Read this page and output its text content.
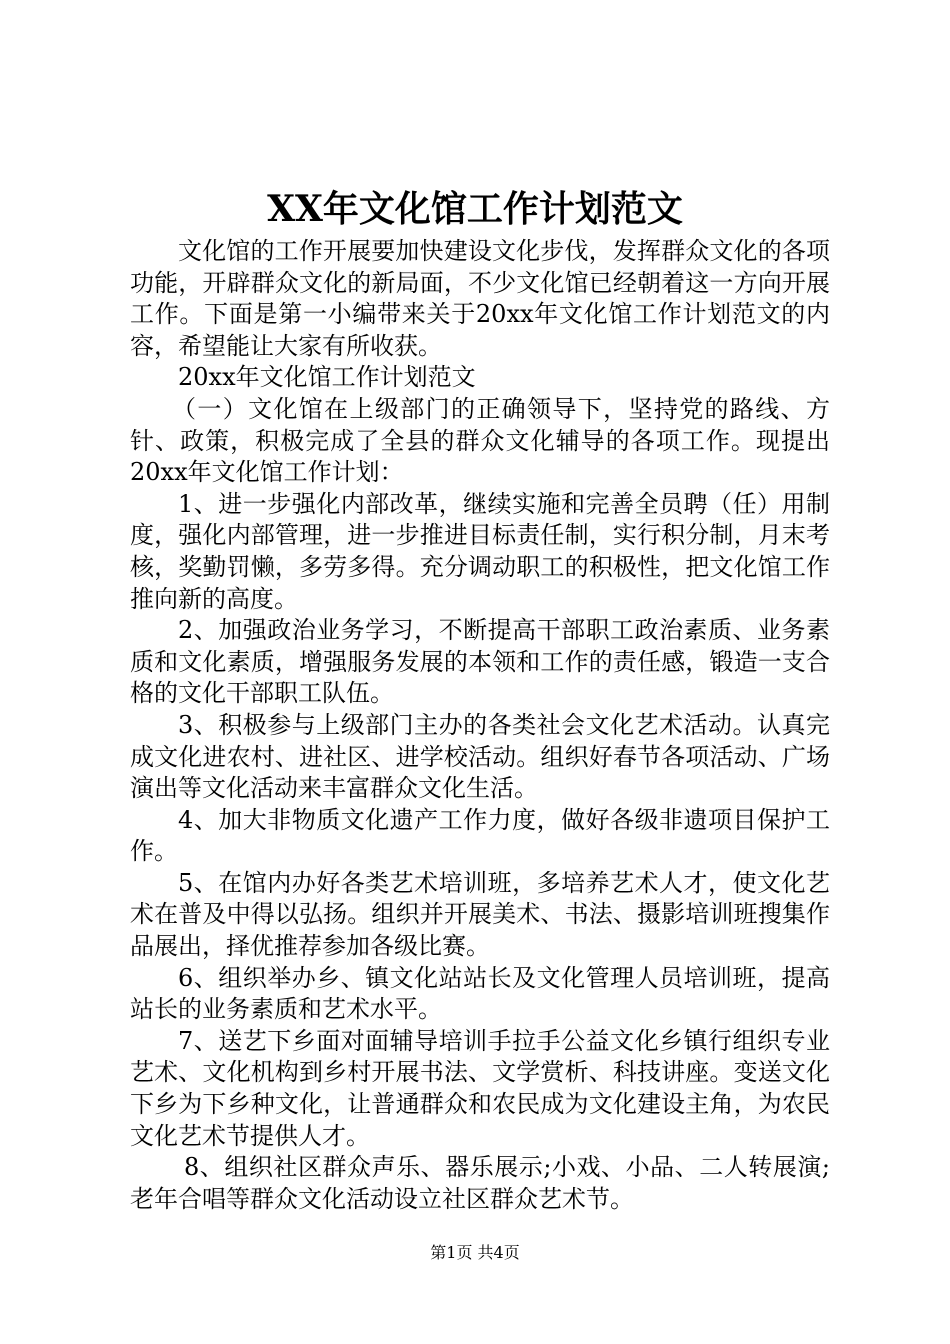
XX年文化馆工作计划范文

文化馆的工作开展要加快建设文化步伐，发挥群众文化的各项功能，开辟群众文化的新局面，不少文化馆已经朝着这一方向开展工作。下面是第一小编带来关于20xx年文化馆工作计划范文的内容，希望能让大家有所收获。

20xx年文化馆工作计划范文

（一）文化馆在上级部门的正确领导下，坚持党的路线、方针、政策，积极完成了全县的群众文化辅导的各项工作。现提出20xx年文化馆工作计划：

1、进一步强化内部改革，继续实施和完善全员聘（任）用制度，强化内部管理，进一步推进目标责任制，实行积分制，月末考核，奖勤罚懒，多劳多得。充分调动职工的积极性，把文化馆工作推向新的高度。

2、加强政治业务学习，不断提高干部职工政治素质、业务素质和文化素质，增强服务发展的本领和工作的责任感，锻造一支合格的文化干部职工队伍。

3、积极参与上级部门主办的各类社会文化艺术活动。认真完成文化进农村、进社区、进学校活动。组织好春节各项活动、广场演出等文化活动来丰富群众文化生活。

4、加大非物质文化遗产工作力度，做好各级非遗项目保护工作。

5、在馆内办好各类艺术培训班，多培养艺术人才，使文化艺术在普及中得以弘扬。组织并开展美术、书法、摄影培训班搜集作品展出，择优推荐参加各级比赛。

6、组织举办乡、镇文化站站长及文化管理人员培训班，提高站长的业务素质和艺术水平。

7、送艺下乡面对面辅导培训手拉手公益文化乡镇行组织专业艺术、文化机构到乡村开展书法、文学赏析、科技讲座。变送文化下乡为下乡种文化，让普通群众和农民成为文化建设主角，为农民文化艺术节提供人才。

8、组织社区群众声乐、器乐展示;小戏、小品、二人转展演;老年合唱等群众文化活动设立社区群众艺术节。

第1页 共4页
